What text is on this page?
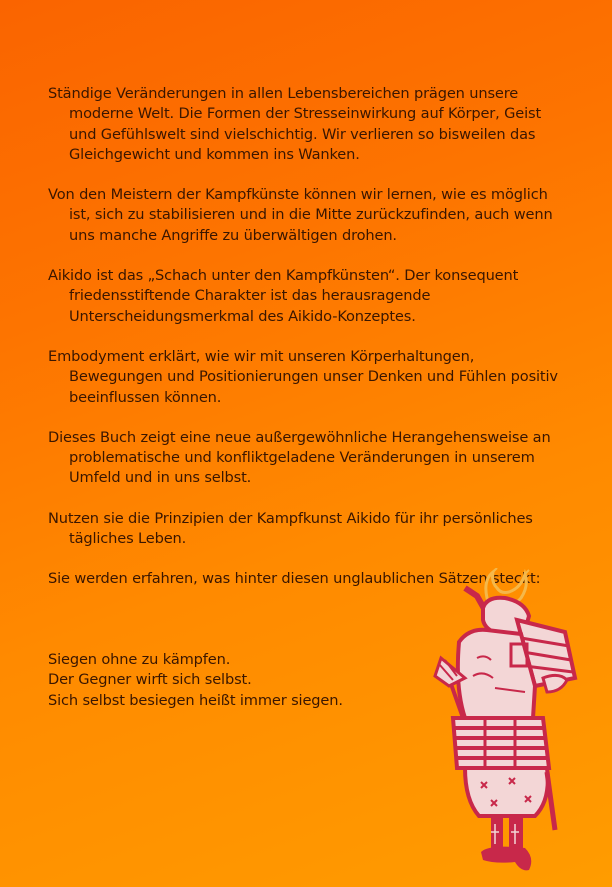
Ständige Veränderungen in allen Lebensbereichen prägen unsere moderne Welt. Die Formen der Stresseinwirkung auf Körper, Geist und Gefühlswelt sind vielschichtig. Wir verlieren so bisweilen das Gleichgewicht und kommen ins Wanken.

Von den Meistern der Kampfkünste können wir lernen, wie es möglich ist, sich zu stabilisieren und in die Mitte zurückzufinden, auch wenn uns manche Angriffe zu überwältigen drohen.

Aikido ist das „Schach unter den Kampfkünsten“. Der konsequent friedensstiftende Charakter ist das herausragende Unterscheidungsmerkmal des Aikido-Konzeptes.

Embodyment erklärt, wie wir mit unseren Körperhaltungen, Bewegungen und Positionierungen unser Denken und Fühlen positiv beeinflussen können.

Dieses Buch zeigt eine neue außergewöhnliche Herangehensweise an problematische und konfliktgeladene Veränderungen in unserem Umfeld und in uns selbst.

Nutzen sie die Prinzipien der Kampfkunst Aikido für ihr persönliches tägliches Leben.

Sie werden erfahren, was hinter diesen unglaublichen Sätzen steckt:

Siegen ohne zu kämpfen.
Der Gegner wirft sich selbst.
Sich selbst besiegen heißt immer siegen.
